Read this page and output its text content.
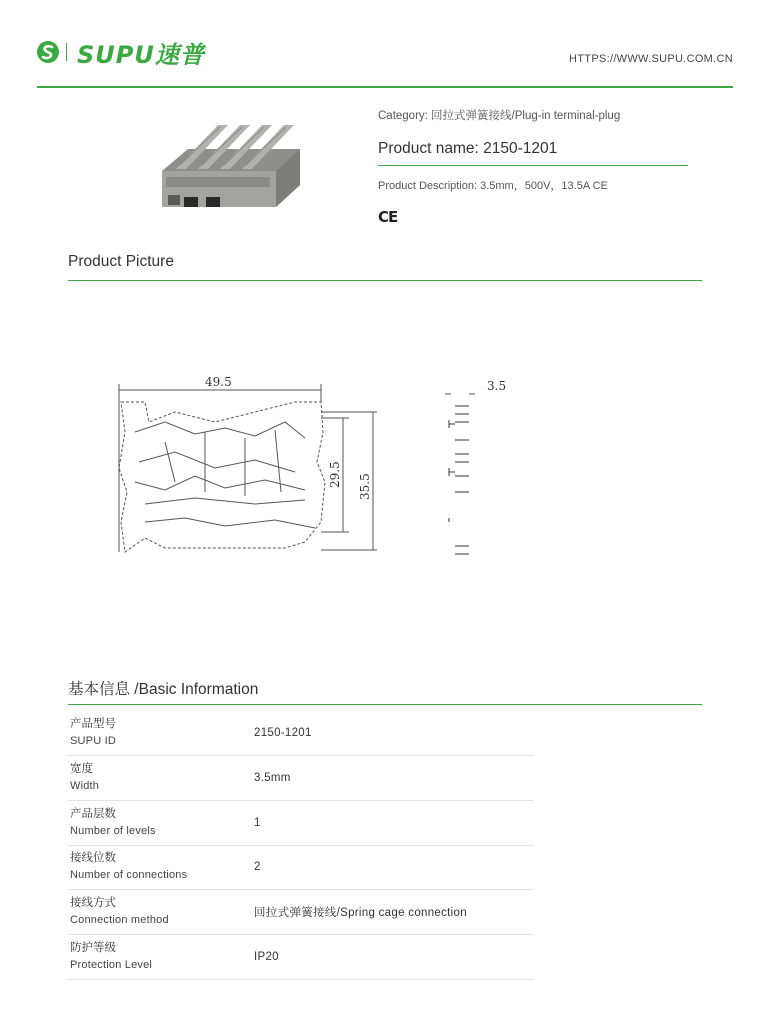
SUPU速普	HTTPS://WWW.SUPU.COM.CN
Category: 回拉式弹簧接线/Plug-in terminal-plug
Product name: 2150-1201
Product Description: 3.5mm，500V，13.5A CE
CE
Product Picture
49.5
29.5 35.5
3.5
基本信息 /Basic Information
产品型号
SUPU ID	2150-1201

宽度
Width	3.5mm

产品层数
Number of levels	1

接线位数
Number of connections	2

接线方式
Connection method	回拉式弹簧接线/Spring cage connection

防护等级
Protection Level	IP20
